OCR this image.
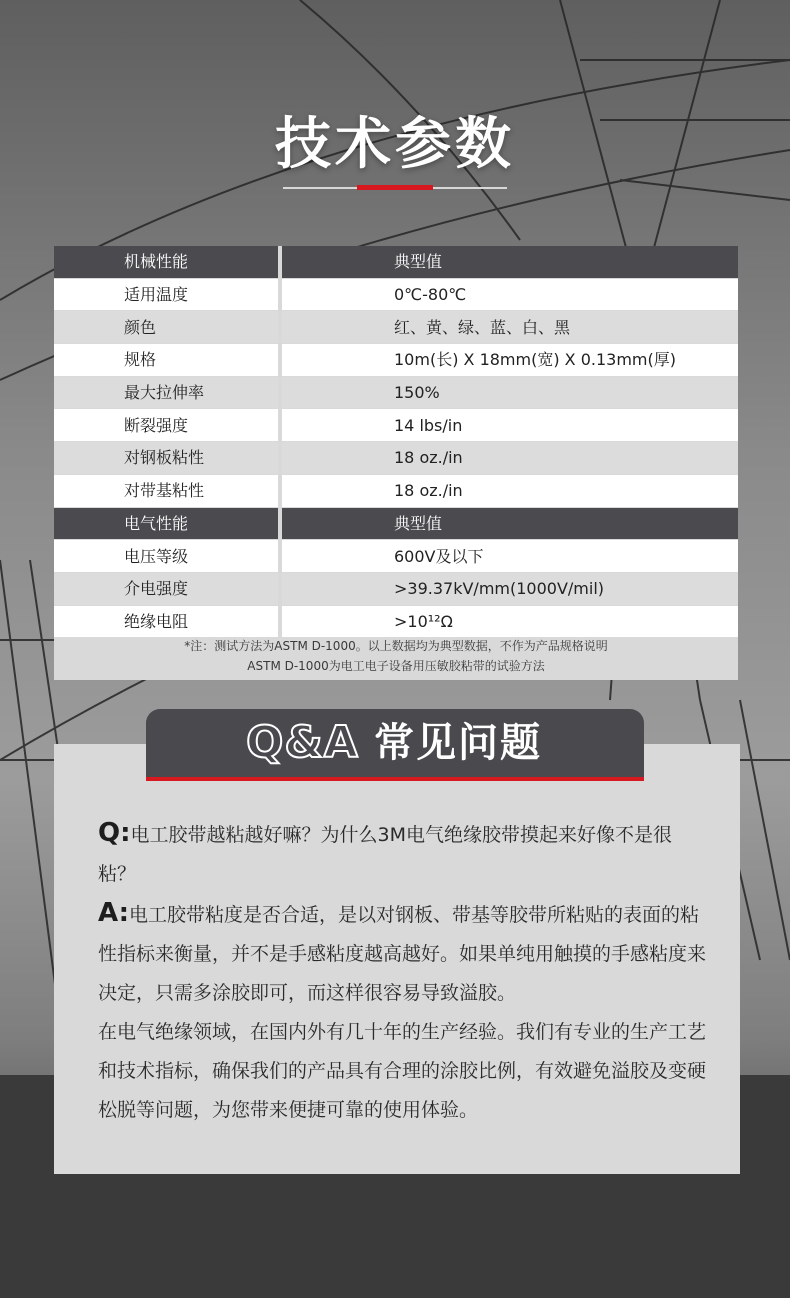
技术参数
机械性能	典型值
适用温度	0℃-80℃
颜色	红、黄、绿、蓝、白、黑
规格	10m(长) X 18mm(宽) X 0.13mm(厚)
最大拉伸率	150%
断裂强度	14 lbs/in
对钢板粘性	18 oz./in
对带基粘性	18 oz./in
电气性能	典型值
电压等级	600V及以下
介电强度	>39.37kV/mm(1000V/mil)
绝缘电阻	>10¹²Ω
*注：测试方法为ASTM D-1000。以上数据均为典型数据，不作为产品规格说明
ASTM D-1000为电工电子设备用压敏胶粘带的试验方法
Q&A 常见问题

Q:电工胶带越粘越好嘛？为什么3M电气绝缘胶带摸起来好像不是很粘？

A:电工胶带粘度是否合适，是以对钢板、带基等胶带所粘贴的表面的粘性指标来衡量，并不是手感粘度越高越好。如果单纯用触摸的手感粘度来决定，只需多涂胶即可，而这样很容易导致溢胶。

在电气绝缘领域，在国内外有几十年的生产经验。我们有专业的生产工艺和技术指标，确保我们的产品具有合理的涂胶比例，有效避免溢胶及变硬松脱等问题，为您带来便捷可靠的使用体验。
